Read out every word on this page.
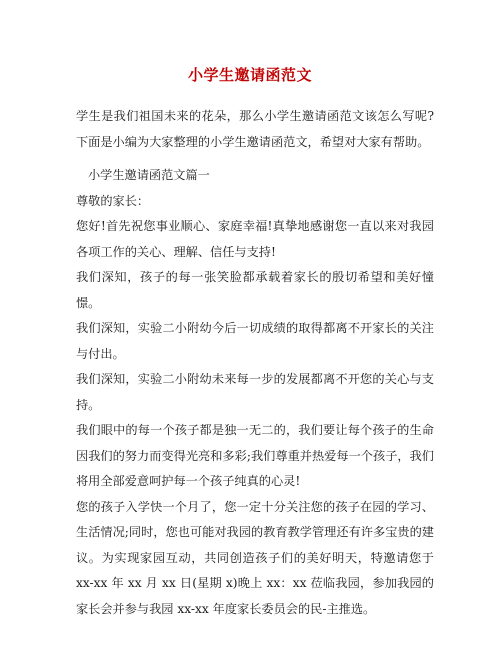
小学生邀请函范文

学生是我们祖国未来的花朵，那么小学生邀请函范文该怎么写呢?下面是小编为大家整理的小学生邀请函范文，希望对大家有帮助。

小学生邀请函范文篇一

尊敬的家长：

您好!首先祝您事业顺心、家庭幸福!真挚地感谢您一直以来对我园各项工作的关心、理解、信任与支持!

我们深知，孩子的每一张笑脸都承载着家长的殷切希望和美好憧憬。

我们深知，实验二小附幼今后一切成绩的取得都离不开家长的关注与付出。

我们深知，实验二小附幼未来每一步的发展都离不开您的关心与支持。

我们眼中的每一个孩子都是独一无二的，我们要让每个孩子的生命因我们的努力而变得光亮和多彩;我们尊重并热爱每一个孩子，我们将用全部爱意呵护每一个孩子纯真的心灵!

您的孩子入学快一个月了，您一定十分关注您的孩子在园的学习、生活情况;同时，您也可能对我园的教育教学管理还有许多宝贵的建议。为实现家园互动，共同创造孩子们的美好明天，特邀请您于 xx-xx 年 xx 月 xx 日(星期 x)晚上 xx：xx 莅临我园，参加我园的家长会并参与我园 xx-xx 年度家长委员会的民-主推选。
